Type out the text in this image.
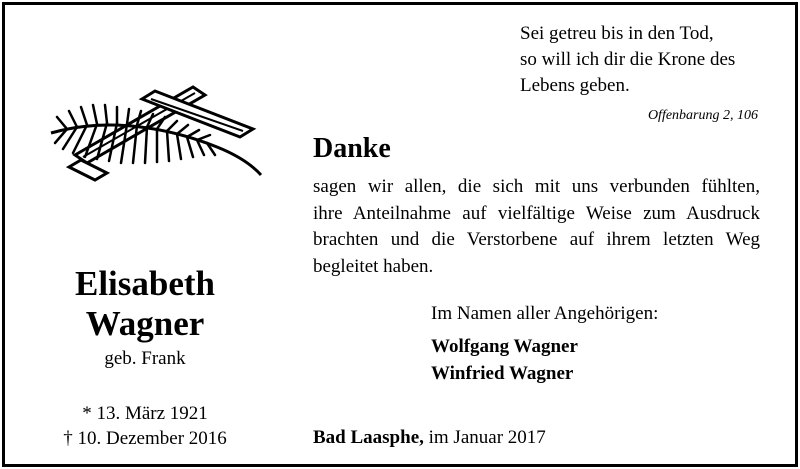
Sei getreu bis in den Tod,
so will ich dir die Krone des
Lebens geben.
Offenbarung 2, 106
Danke
sagen wir allen, die sich mit uns verbunden fühlten,
ihre Anteilnahme auf vielfältige Weise zum Ausdruck
brachten und die Verstorbene auf ihrem letzten Weg
begleitet haben.
Elisabeth
Wagner
geb. Frank
* 13. März 1921
† 10. Dezember 2016
Im Namen aller Angehörigen:
Wolfgang Wagner
Winfried Wagner
Bad Laasphe, im Januar 2017
